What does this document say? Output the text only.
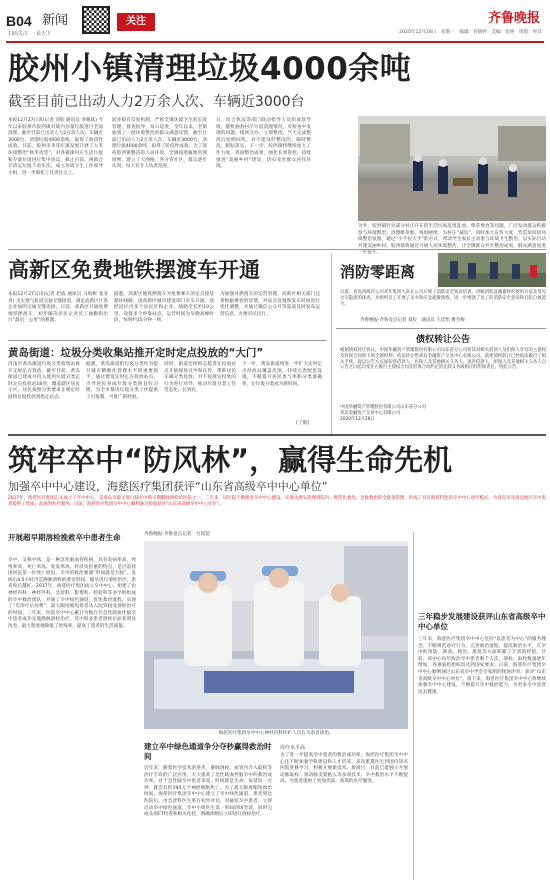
B04 新闻
扫码关注 看天下
关注	齐鲁晚报
2020年12月28日　星期一　编辑：管晓婷　美编：张艳　组版：侯其
胶州小镇清理垃圾4000余吨
截至目前已出动人力2万余人次、车辆近3000台
本报12月27日讯(记者 刘胶 通讯员 李晴斌) 今年以来胶州市胶西镇对境内存量垃圾进行全面清理，截至目前已出动人力2万余人次、车辆近3000台，清理垃圾4000余吨，取得了阶段性成效。日前，胶州市李哥庄镇发展开展了入冬环境整治“秋冬攻坚”，对各镇街村庄生活垃圾和存量垃圾进行集中清运，截止目前，两镇合计清运垃圾千余车次，成立环境卫生工作领导小组，进一步细化工作责任分工。
较多稳有反复机制，严抓全镇环境卫生的长效管理，督查指导，每日巡查，全年以来，全镇收到了一批环境整治的群众满意反馈，截至目前已出动人力2万余人次、车辆近3000台，清理垃圾4000余吨，取得了阶段性成效。为了保持胶西镇整洁的人居环境，全镇按照属地管理原则，建立了大网格，各分管社区，群众逐步认同，每天有专人负责巡查。
日，综合执法等部门联动指导人员组成督导组，随机抽查村庄垃圾清理情况，对检查中发现的问题，现场交办、立即整改，当天完成整改后拍照回传，对不能及时整改的，限时整改，跟踪落实。下一步，胶西镇将继续加大工作力度，巩固整治成果，强化长效管控，持续推进“美丽乡村”建设，切实改善群众居住环境。
另外，胶西镇针对部分村庄存在的生活垃圾乱堆乱放、柴草堆放等问题，广泛发动群众积极参与环境整治，清理柴草堆、残垣断壁，为村庄“减负”，同时加大宣传力度，营造浓厚的环境整治氛围，通过“小手拉大手”的方式，带动学生家长主动参与环境卫生整治，以实际行动共建美丽乡村。胶西镇将通过开展人居环境整治，让全镇群众共享整治成果，群众满意度进一步提升。
高新区免费地铁摆渡车开通
本报12月27日讯(记者 赵波 通讯员 马海彬 张亚青) 为实现与轨道交通无缝接驳，满足高新区区各企业间的交通无缝连接，日前，高新区开通免费地铁摆渡车，初步解决居民企业员工通勤和出行“最后一公里”的难题。
据悉，高新区地铁摆渡车为免费乘车的定点接驳循环线路，由高新区城市建设部门牵头开通，途经园区内多个居民区和企业，线路全长约10公里，设置多个停靠站点，运营时间为早晚高峰时段，每班约15分钟一班。
为加强对摆渡车的运营管理，高新区相关部门还将根据乘客的反馈，对站点设置和发车时间进行优化调整，并通过微信公众号等渠道及时发布运营信息，方便市民出行。
黄岛街道：垃圾分类收集站推开定时定点投放的“大门”
济南市黄岛街道垃圾分类收集站推开定时定点投放，截至目前，黄岛街道已建成并投入使用垃圾分类定时定点投放站18处，覆盖辖区居民小区，居民按照分类要求在规定时间将垃圾投放到指定站点。
据悉，黄岛街道把垃圾分类作为提升城市精细化管理水平的重要抓手，通过建设定时定点投放站点，引导居民养成垃圾分类的良好习惯，为全市推进垃圾分类工作提供了可复制、可推广的经验。
同时，街道还组织志愿者在投放站点开展现场引导和宣传，帮助居民正确分类投放，对不按规定投放的行为进行劝导，推动垃圾分类工作常态化、长效化。
下一步，黄岛街道将进一步扩大定时定点投放站覆盖范围，持续完善配套设施，不断提升居民参与率和分类准确率，让垃圾分类成为新时尚。
(丁鹤)
消防零距离
日前，青岛西海岸公司青年集团大队在公司开展了消防安全知识培训，讲解消防设施器材的使用方法及常见火灾隐患的排查，并组织员工开展了灭火和应急疏散演练，进一步增强了员工的消防安全意识和自防自救能力。
齐鲁晚报·齐鲁壹点记者 刘胶　通讯员 王佳怡 曹雪梅
债权转让公告
根据债权转让协议，中国华融资产管理股份有限公司山东省分公司将其对相关借款人及担保人享有的主债权及担保合同项下的全部权利，依法转让给青岛金融资产交易中心有限公司。前述债权转让已经依法履行了相关手续，现以公告方式通知各借款人、担保人及其他相关义务人。请各借款人、担保人及其他相关义务人自公告之日起向受让方履行主债权合同及担保合同约定的还款义务或相应的担保责任。特此公告。
中国华融资产管理股份有限公司山东省分公司
青岛金融资产交易中心有限公司
2020年12月28日
筑牢卒中“防风林”，赢得生命先机
加强卒中中心建设，海慈医疗集团获评“山东省高级卒中中心单位”
2017年，海慈医疗集团正式成立了卒中中心，是青岛市最早进行脑卒中筛早期静脉溶栓的医院之一，三年来，该医院不断推进卒中中心建设，实现从源头管理到院内、规范化救治、急救救治的全链条管理，形成了具有海慈特色的卒中中心诊疗模式，为青岛市及周边地区卒中患者提供了优质、高效的医疗服务。日前，海慈医疗集团卒中中心顺利通过验收获评“山东省高级卒中中心单位”。
开展超早期溶栓挽救卒中患者生命
卒中，又称中风，是一种急性脑血管疾病，具有发病率高、致残率高、死亡率高、复发率高、经济负担重的特点，是目前我国居民第一位死亡原因。卒中的救治强调“时间就是大脑”，发病后4.5小时内是静脉溶栓的黄金时间，越早进行溶栓治疗，患者预后越好。2017年，海慈医疗集团成立卒中中心，组建了由神经内科、神经外科、急诊科、影像科、检验科等多学科组成的卒中救治团队，开通了卒中绿色通道，优化救治流程，实现了“先诊疗后付费”，最大限度缩短患者从入院到接受溶栓治疗的时间。三年来，医院卒中中心累计为数百名急性缺血性脑卒中患者成功实施静脉溶栓治疗，其中很多患者溶栓后症状明显改善，最大程度地降低了致残率，提高了患者的生活质量。
齐鲁晚报·齐鲁壹点记者　台霄超
海慈医疗集团卒中中心神经内科医护人员在为患者诊治。
建立卒中绿色通道争分夺秒赢得救治时间
近年来，随着医学技术的进步，静脉溶栓、血管内介入取栓等治疗手段的广泛应用，大大提高了急性缺血性脑卒中的救治成功率。对于急性脑卒中患者来说，时间就是生命，每延误一分钟，就会有约190万个神经细胞死亡。为了最大限度缩短救治时间，海慈医疗集团卒中中心建立了卒中绿色通道，患者到达医院后，由急诊科医生进行初步评估，对疑似卒中患者，立即启动卒中绿色通道，卒中小组医生第一时间到场会诊，同时完成头颅CT检查和相关化验，明确诊断后立即进行溶栓治疗。
诊疗水平高
为了进一步提高卒中患者的救治成功率，海慈医疗集团卒中中心还不断加强学科建设和人才培养，多次派遣医生到国内知名医院进修学习，积极开展新技术、新项目，目前已能独立开展动脉取栓、颈动脉支架植入等多项技术，卒中救治水平不断提高，为患者提供了更加优质、高效的医疗服务。
三年稳步发展建设获评山东省高级卒中中心单位
三年来，海慈医疗集团卒中中心坚持“以患者为中心”的服务理念，不断规范诊疗行为，完善救治流程，提高救治水平，在卒中的预防、筛查、救治、康复等方面积累了丰富的经验。目前，该中心每年收治卒中患者数千人次，溶栓、取栓数量逐年增加，各项质控指标均达到国家要求。日前，海慈医疗集团卒中中心顺利通过山东省卒中学会专家组的现场评审，获评“山东省高级卒中中心单位”。接下来，海慈医疗集团卒中中心将继续加强卒中中心建设，不断提升卒中救治能力，为更多卒中患者送去健康。
